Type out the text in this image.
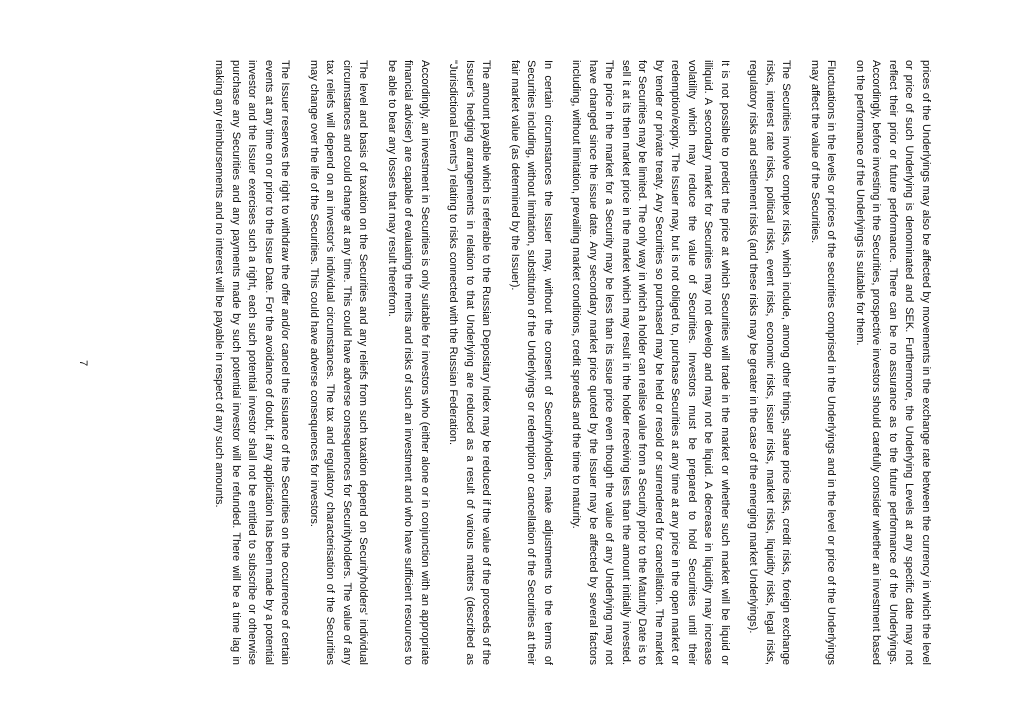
prices of the Underlyings may also be affected by movements in the exchange rate between the currency in which the level or price of such Underlying is denominated and SEK. Furthermore, the Underlying Levels at any specific date may not reflect their prior or future performance. There can be no assurance as to the future performance of the Underlyings. Accordingly, before investing in the Securities, prospective investors should carefully consider whether an investment based on the performance of the Underlyings is suitable for them.

Fluctuations in the levels or prices of the securities comprised in the Underlyings and in the level or price of the Underlyings may affect the value of the Securities.

The Securities involve complex risks, which include, among other things, share price risks, credit risks, foreign exchange risks, interest rate risks, political risks, event risks, economic risks, issuer risks, market risks, liquidity risks, legal risks, regulatory risks and settlement risks (and these risks may be greater in the case of the emerging market Underlyings).

It is not possible to predict the price at which Securities will trade in the market or whether such market will be liquid or illiquid. A secondary market for Securities may not develop and may not be liquid. A decrease in liquidity may increase volatility which may reduce the value of Securities. Investors must be prepared to hold Securities until their redemption/expiry. The Issuer may, but is not obliged to, purchase Securities at any time at any price in the open market or by tender or private treaty. Any Securities so purchased may be held or resold or surrendered for cancellation. The market for Securities may be limited. The only way in which a holder can realise value from a Security prior to the Maturity Date is to sell it at its then market price in the market which may result in the holder receiving less than the amount initially invested. The price in the market for a Security may be less than its issue price even though the value of any Underlying may not have changed since the issue date. Any secondary market price quoted by the Issuer may be affected by several factors including, without limitation, prevailing market conditions, credit spreads and the time to maturity.

In certain circumstances the Issuer may, without the consent of Securityholders, make adjustments to the terms of Securities including, without limitation, substitution of the Underlyings or redemption or cancellation of the Securities at their fair market value (as determined by the Issuer).

The amount payable which is referable to the Russian Depositary Index may be reduced if the value of the proceeds of the Issuer's hedging arrangements in relation to that Underlying are reduced as a result of various matters (described as "Jurisdictional Events") relating to risks connected with the Russian Federation.

Accordingly, an investment in Securities is only suitable for investors who (either alone or in conjunction with an appropriate financial adviser) are capable of evaluating the merits and risks of such an investment and who have sufficient resources to be able to bear any losses that may result therefrom.

The level and basis of taxation on the Securities and any reliefs from such taxation depend on Securityholders' individual circumstances and could change at any time. This could have adverse consequences for Securityholders. The value of any tax reliefs will depend on an investor's individual circumstances. The tax and regulatory characterisation of the Securities may change over the life of the Securities. This could have adverse consequences for investors.

The Issuer reserves the right to withdraw the offer and/or cancel the issuance of the Securities on the occurrence of certain events at any time on or prior to the Issue Date. For the avoidance of doubt, if any application has been made by a potential investor and the Issuer exercises such a right, each such potential investor shall not be entitled to subscribe or otherwise purchase any Securities and any payments made by such potential investor will be refunded. There will be a time lag in making any reimbursements and no interest will be payable in respect of any such amounts.

7
